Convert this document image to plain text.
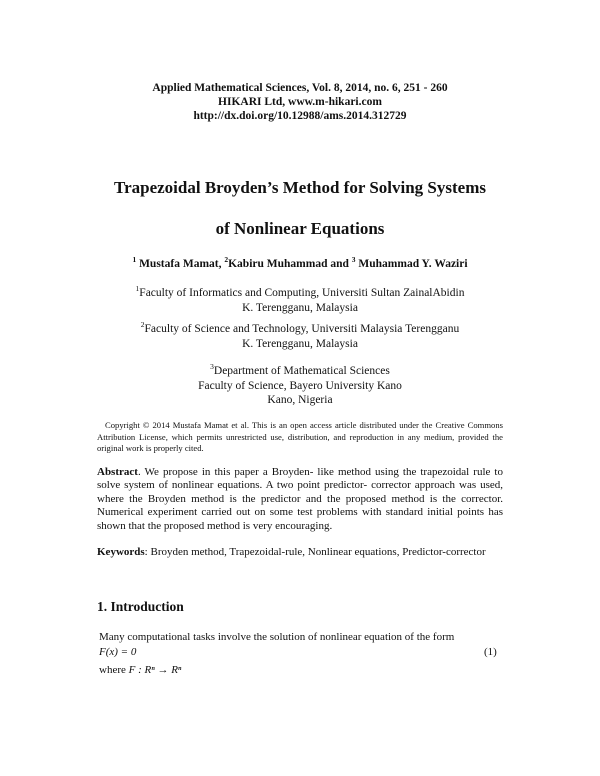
Applied Mathematical Sciences, Vol. 8, 2014, no. 6, 251 - 260
HIKARI Ltd, www.m-hikari.com
http://dx.doi.org/10.12988/ams.2014.312729
Trapezoidal Broyden’s Method for Solving Systems
of Nonlinear Equations
$^1$ Mustafa Mamat, $^2$Kabiru Muhammad and $^3$ Muhammad Y. Waziri
$^1$Faculty of Informatics and Computing, Universiti Sultan ZainalAbidin
K. Terengganu, Malaysia
$^2$Faculty of Science and Technology, Universiti Malaysia Terengganu
K. Terengganu, Malaysia
$^3$Department of Mathematical Sciences
Faculty of Science, Bayero University Kano
Kano, Nigeria
Copyright © 2014 Mustafa Mamat et al. This is an open access article distributed under the Creative Commons Attribution License, which permits unrestricted use, distribution, and reproduction in any medium, provided the original work is properly cited.
Abstract. We propose in this paper a Broyden- like method using the trapezoidal rule to solve system of nonlinear equations. A two point predictor- corrector approach was used, where the Broyden method is the predictor and the proposed method is the corrector. Numerical experiment carried out on some test problems with standard initial points has shown that the proposed method is very encouraging.
Keywords: Broyden method, Trapezoidal-rule, Nonlinear equations, Predictor-corrector
1. Introduction
Many computational tasks involve the solution of nonlinear equation of the form
F(x) = 0	(1)
where F : Rⁿ → Rⁿ
